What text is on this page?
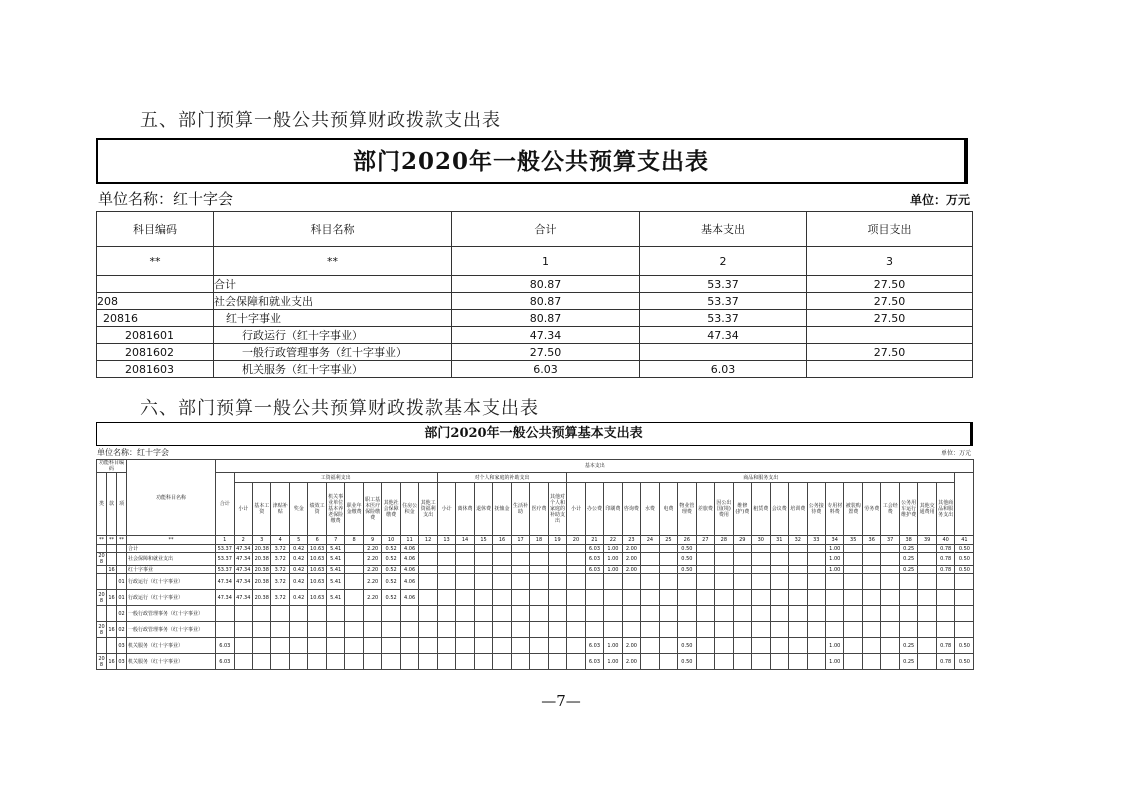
五、部门预算一般公共预算财政拨款支出表
部门2020年一般公共预算支出表
单位名称：红十字会	单位：万元
科目编码	科目名称	合计	基本支出	项目支出
**	**	1	2	3
	合计	80.87	53.37	27.50
208	社会保障和就业支出	80.87	53.37	27.50
20816	红十字事业	80.87	53.37	27.50
2081601	行政运行（红十字事业）	47.34	47.34	
2081602	一般行政管理事务（红十字事业）	27.50		27.50
2081603	机关服务（红十字事业）	6.03	6.03	
六、部门预算一般公共预算财政拨款基本支出表
部门2020年一般公共预算基本支出表
单位名称：红十字会	单位：万元
功能科目编码			功能科目名称	基本支出																																								
类	款	项		合计	工资福利支出											对个人和家庭的补助支出							商品和服务支出																					
					小计	基本工资	津贴补贴	奖金	绩效工资	机关事业单位基本养老保险缴费	职业年金缴费	职工基本医疗保险缴费	其他社会保障缴费	住房公积金	其他工资福利支出	小计	离休费	退休费	抚恤金	生活补助	医疗费	其他对个人和家庭的补助支出	小计	办公费	印刷费	咨询费	水费	电费	物业管理费	差旅费	因公出国(境)费用	维修(护)费	租赁费	会议费	培训费	公务接待费	专用材料费	被装购置费	劳务费	工会经费	公务用车运行维护费	其他交通费用	其他商品和服务支出	
**	**	**	**	1	2	3	4	5	6	7	8	9	10	11	12	13	14	15	16	17	18	19	20	21	22	23	24	25	26	27	28	29	30	31	32	33	34	35	36	37	38	39	40	41
			合计	53.37	47.34	20.38	3.72	0.42	10.63	5.41		2.20	0.52	4.06										6.03	1.00	2.00			0.50								1.00				0.25		0.78	0.50
208			社会保障和就业支出	53.37	47.34	20.38	3.72	0.42	10.63	5.41		2.20	0.52	4.06										6.03	1.00	2.00			0.50								1.00				0.25		0.78	0.50
	16		红十字事业	53.37	47.34	20.38	3.72	0.42	10.63	5.41		2.20	0.52	4.06										6.03	1.00	2.00			0.50								1.00				0.25		0.78	0.50
		01	行政运行（红十字事业）	47.34	47.34	20.38	3.72	0.42	10.63	5.41		2.20	0.52	4.06																														
208	16	01	行政运行（红十字事业）	47.34	47.34	20.38	3.72	0.42	10.63	5.41		2.20	0.52	4.06																														
		02	一般行政管理事务（红十字事业）																																									
208	16	02	一般行政管理事务（红十字事业）																																									
		03	机关服务（红十字事业）	6.03																				6.03	1.00	2.00			0.50								1.00				0.25		0.78	0.50
208	16	03	机关服务（红十字事业）	6.03																				6.03	1.00	2.00			0.50								1.00				0.25		0.78	0.50
—7—
